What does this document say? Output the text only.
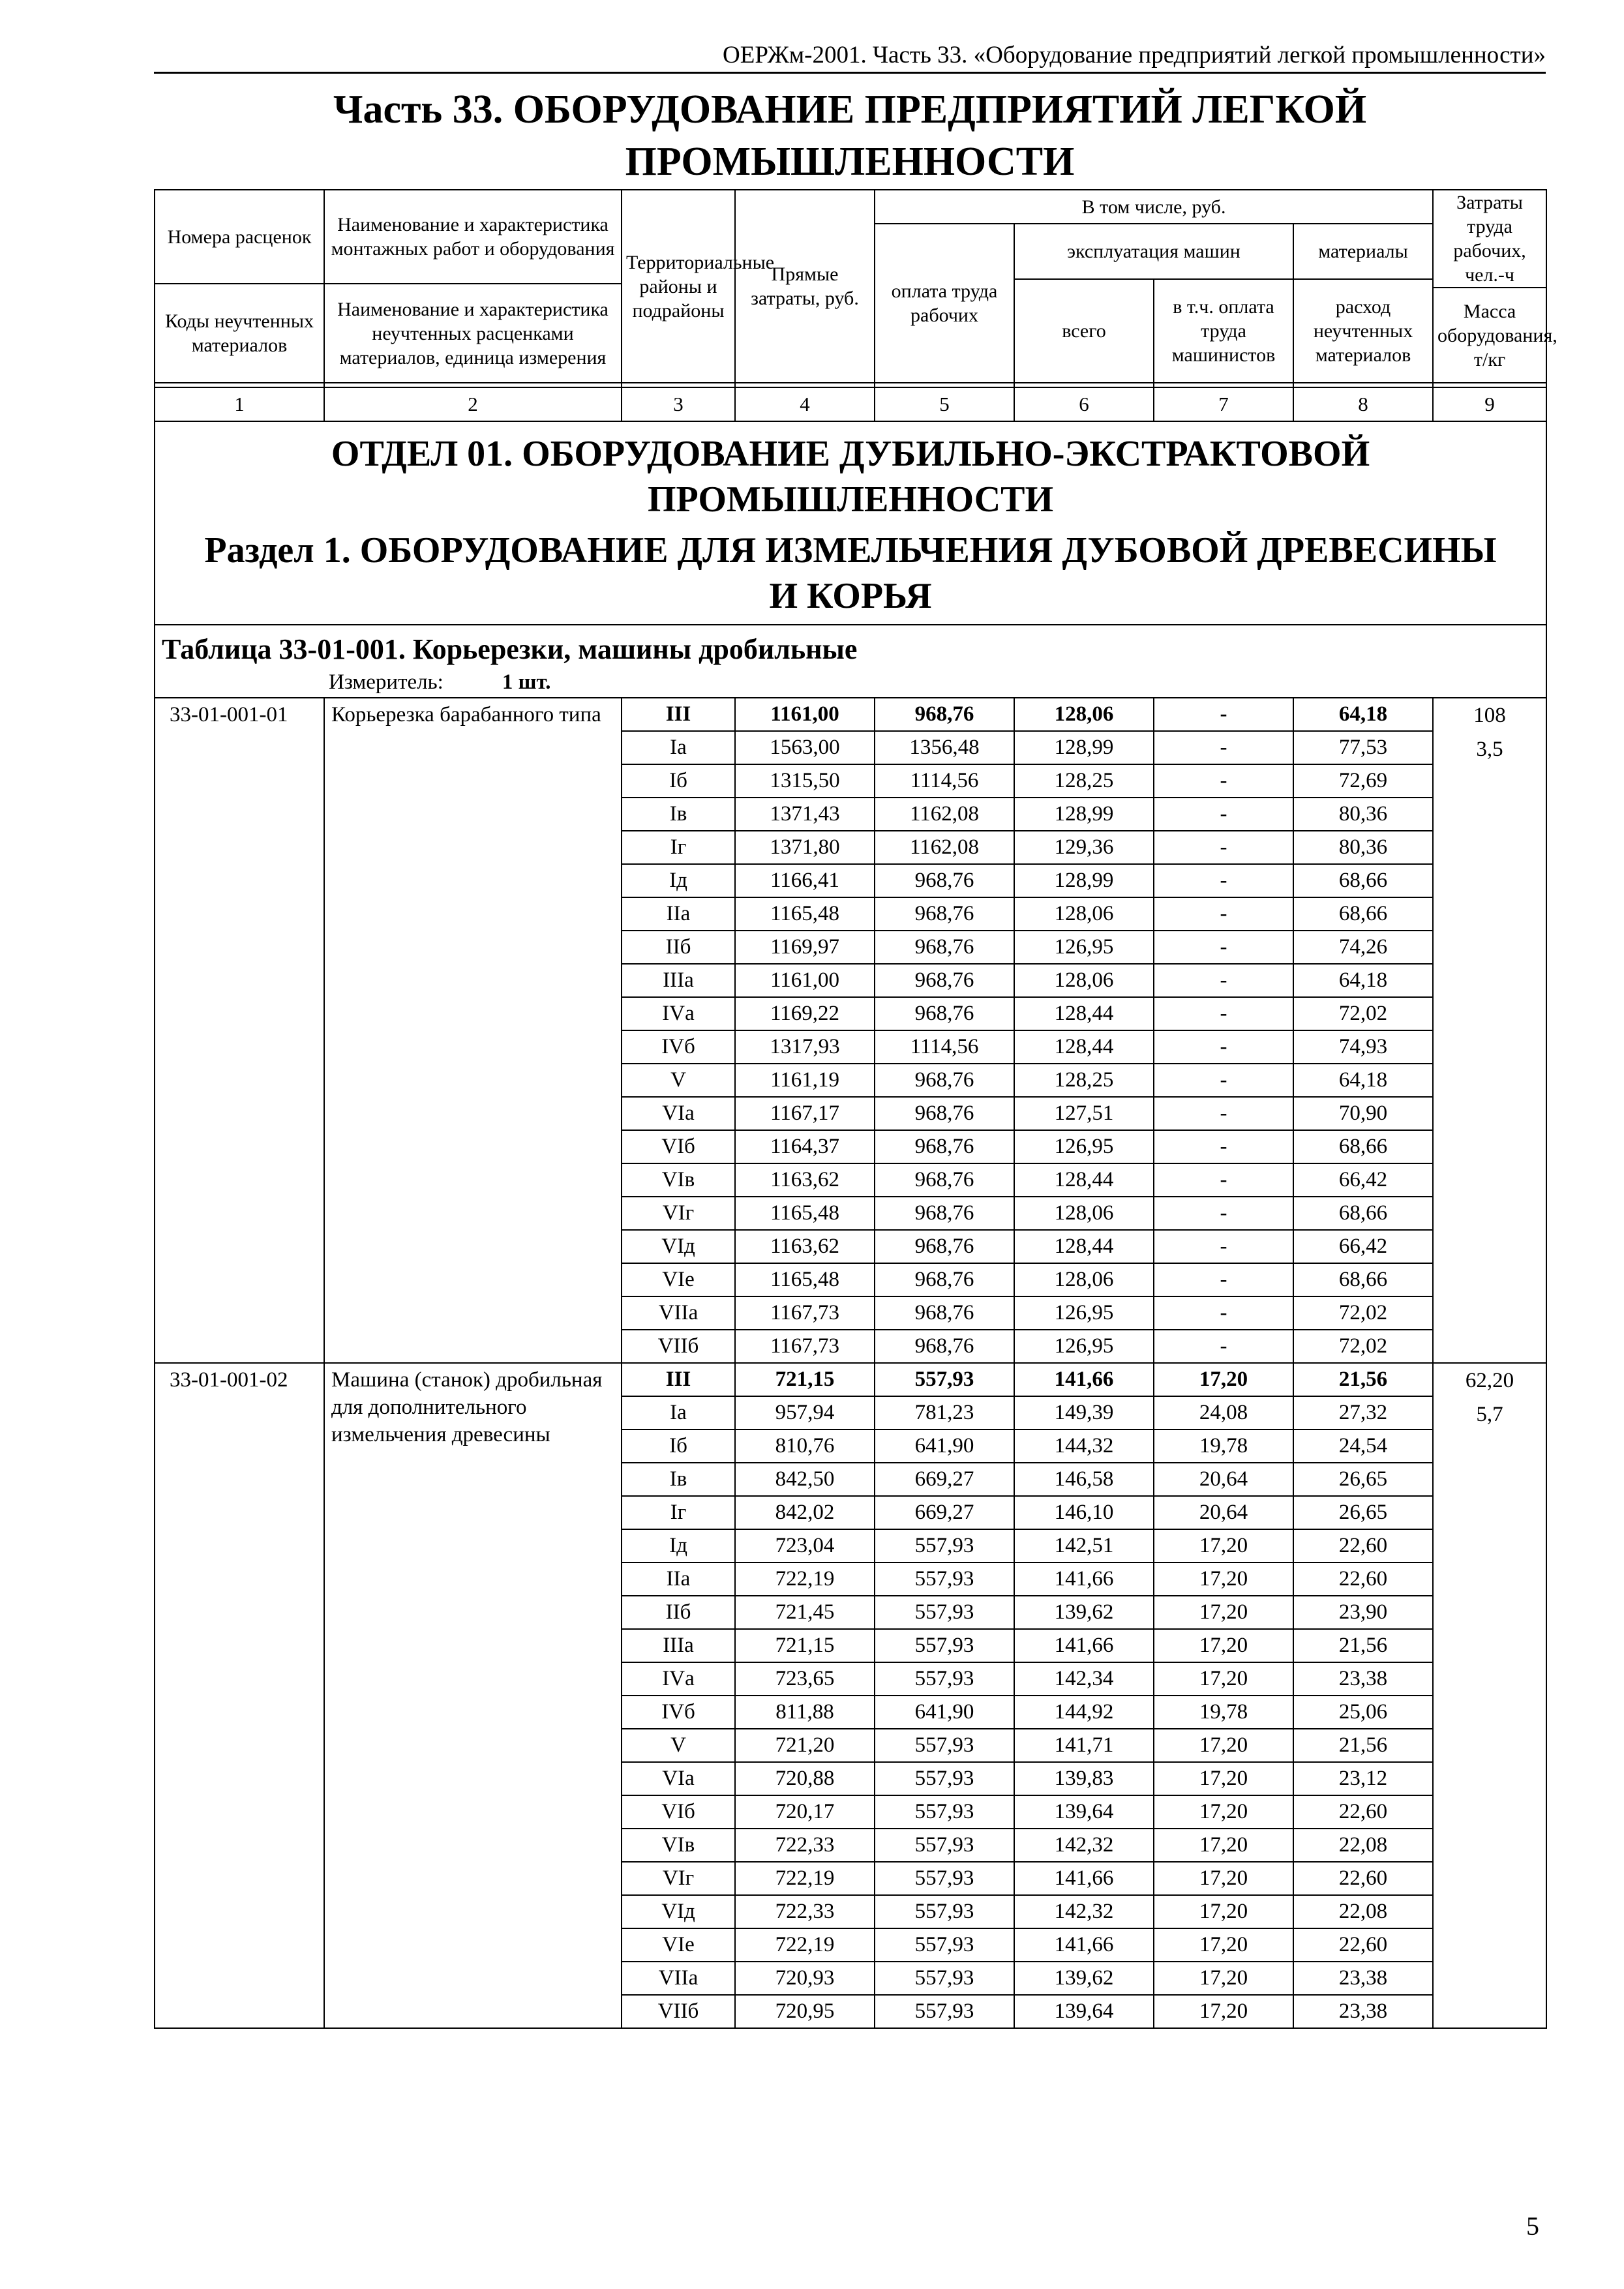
ОЕРЖм-2001. Часть 33. «Оборудование предприятий легкой промышленности»
Часть 33. ОБОРУДОВАНИЕ ПРЕДПРИЯТИЙ ЛЕГКОЙ
ПРОМЫШЛЕННОСТИ
Номера расценок	Наименование и характеристика монтажных работ и оборудования	Территориальные районы и подрайоны	Прямые затраты, руб.	В том числе, руб.				Затраты труда рабочих, чел.-ч
				оплата труда рабочих	эксплуатация машин		материалы	
					всего	в т.ч. оплата труда машинистов	расход неучтенных материалов	
Коды неучтенных материалов	Наименование и характеристика неучтенных расценками материалов, единица измерения							
								Масса оборудования, т/кг

1	2	3	4	5	6	7	8	9

ОТДЕЛ 01. ОБОРУДОВАНИЕ ДУБИЛЬНО-ЭКСТРАКТОВОЙ
ПРОМЫШЛЕННОСТИ
Раздел 1. ОБОРУДОВАНИЕ ДЛЯ ИЗМЕЛЬЧЕНИЯ ДУБОВОЙ ДРЕВЕСИНЫ
И КОРЬЯ								

Таблица 33-01-001. Корьерезки, машины дробильные								
Измеритель: 1 шт.								
33-01-001-01	Корьерезка барабанного типа	III	1161,00	968,76	128,06	-	64,18	108
3,5

		Iа	1563,00	1356,48	128,99	-	77,53	
		Iб	1315,50	1114,56	128,25	-	72,69	
		Iв	1371,43	1162,08	128,99	-	80,36	
		Iг	1371,80	1162,08	129,36	-	80,36	
		Iд	1166,41	968,76	128,99	-	68,66	
		IIа	1165,48	968,76	128,06	-	68,66	
		IIб	1169,97	968,76	126,95	-	74,26	
		IIIа	1161,00	968,76	128,06	-	64,18	
		IVа	1169,22	968,76	128,44	-	72,02	
		IVб	1317,93	1114,56	128,44	-	74,93	
		V	1161,19	968,76	128,25	-	64,18	
		VIа	1167,17	968,76	127,51	-	70,90	
		VIб	1164,37	968,76	126,95	-	68,66	
		VIв	1163,62	968,76	128,44	-	66,42	
		VIг	1165,48	968,76	128,06	-	68,66	
		VIд	1163,62	968,76	128,44	-	66,42	
		VIе	1165,48	968,76	128,06	-	68,66	
		VIIа	1167,73	968,76	126,95	-	72,02	
		VIIб	1167,73	968,76	126,95	-	72,02	
33-01-001-02	Машина (станок) дробильная для дополнительного измельчения древесины	III	721,15	557,93	141,66	17,20	21,56	62,20
5,7

		Iа	957,94	781,23	149,39	24,08	27,32	
		Iб	810,76	641,90	144,32	19,78	24,54	
		Iв	842,50	669,27	146,58	20,64	26,65	
		Iг	842,02	669,27	146,10	20,64	26,65	
		Iд	723,04	557,93	142,51	17,20	22,60	
		IIа	722,19	557,93	141,66	17,20	22,60	
		IIб	721,45	557,93	139,62	17,20	23,90	
		IIIа	721,15	557,93	141,66	17,20	21,56	
		IVа	723,65	557,93	142,34	17,20	23,38	
		IVб	811,88	641,90	144,92	19,78	25,06	
		V	721,20	557,93	141,71	17,20	21,56	
		VIа	720,88	557,93	139,83	17,20	23,12	
		VIб	720,17	557,93	139,64	17,20	22,60	
		VIв	722,33	557,93	142,32	17,20	22,08	
		VIг	722,19	557,93	141,66	17,20	22,60	
		VIд	722,33	557,93	142,32	17,20	22,08	
		VIе	722,19	557,93	141,66	17,20	22,60	
		VIIа	720,93	557,93	139,62	17,20	23,38	
		VIIб	720,95	557,93	139,64	17,20	23,38	
5
